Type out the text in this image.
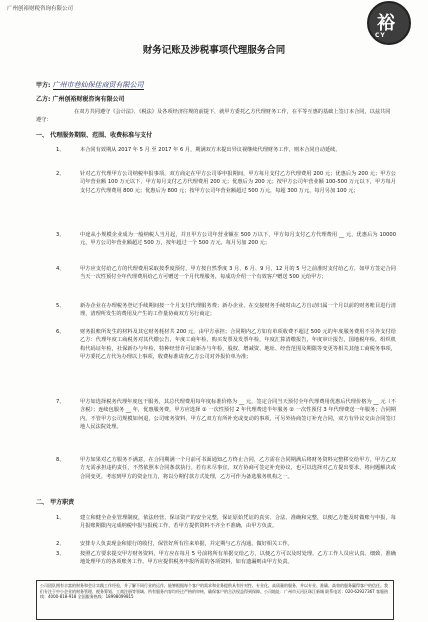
广州创裕财税咨询有限公司
裕
CY
财务记账及涉税事项代理服务合同
甲方: 广州市巷仙保佳商贸有限公司
乙方: 广州创裕财税咨询有限公司
在双方共同遵守《会计法》、《税法》及各项经济往规的前提下，就甲方委托乙方代理财务工作，在平等互惠的基础上签订本合同，以兹共同遵守：
一、 代理服务期限、范围、收费标准与支付
1、	本合同有效期从 2017 年 5 月 至 2017 年 6 月，期满双方未提出异议视继续代理财务工作，则本合同自动延续。
2、	针对乙方代理甲方公司纳税申报事项，双方商定在甲方公司零申报期间，甲方每月支付乙方代理费用 200 元；优惠后为 200 元；甲方公司年营业额 100 万元以下，甲方每月支付乙方代理费用 200 元；优惠后为 200 元；按甲方公司年营业额 100-500 万元以下，甲方每月支付乙方代理费用 800 元；优惠后为 800 元；按甲方公司年营业额超过 500 万元，每超 300 万元，每月另加 100 元；
3、	中途从小规模企业成为一般纳税人当月起，并且甲方公司年营业额在 500 万以下，甲方每月支付乙方代理费用 __ 元，优惠后为 10000 元，甲方公司年营业额超过 500 万，按年超过一个 500 万元，每月另加 200 元；
4、	甲方应支付给乙方的代理费用采取按季度预付，甲方按自然季度 3 月、6 月、9 月、12 月的 5 号之前准时支付给乙方，如甲方签定合同当天一次性预付全年代理费用给乙方可赠送一个月代理服务，每成功介绍一个有效客户赠送 500 元给甲方；
5、	新办企业在办理税务登记手续期间按一个月支付代理服务费；新办企业，在交接财务手续时由乙方自动归属一个月以前的财务账目进行清理，清理所发生的费用及产生的工作量协商双方另行商定；
6、	财务报账所发生的材料及其它财务耗材共 200 元，由甲方承担；合同期内乙方如有单项收费不超过 500 元的年度服务费用不另外支付给乙方：代理年度工商税务对其代缴公告，年度工商年检，购买发票及发票年检，年度汇算清缴报告，年度审计报告，国地税年检，组织机构代码证年检，社保新办与年检，特种经营许可证新办与年检，股权、增减资、地址、经营范围及期限等变更等相关其他工商税务事项，甲方委托乙方代为办理以上事项，收费标准请查乙方公司对外报价单为准；
7、	甲方如选择税务代理年度包干服务，其总代理费用每年度标准价格为 __ 元，签定合同当天预付全年代理费用优惠后代理价格为 __ 元（不含税）；连续包服务 __ 年，优惠服务费，甲方应选择 ① 一次性预付 2 年代理费送半年服务 ② 一次性预付 3 年代理费送一年服务；合同期内，不管甲方公司规模如何退，公司账务资料，甲方乙双方有所补充或变动的事项，可另外协商签订补充合同，双方有异议交由合同签订地人民法院处理。
8、	甲方如果对乙方服务不满意，在合同期满一个月前可书面通知乙方终止合同，乙方需在合同期满后将财务资料完整移交给甲方，甲方乙双方无需承担违约责任，不然依照本合同条款执行。若有未尽事宜，双方协商可签定补充协议，也可以选择对乙方提出要求，将问题解决或合同变更。考虑到甲方的资金压力，将以分期付款方式处理，乙方可作为备选服务机构之一。
二、 甲方职责
1、	建立和健全企业管理制度，依法经营，保证资产的安全完整，保证原始凭证的真实、合法、准确和完整，以便乙方能及时做账与申报，每月报账期限内完成纳税申报与报税工作，若甲方提供资料不齐全不准确，由甲方负责。
2、	安排专人负责现金和银行的收付，保管好所有往来单据，并定期与乙方沟通，做好相关工作。
3、	按照乙方要求提交甲方财务资料，甲方应在每月 5 号前将所有单据交给乙方，以便乙方可以及时处理，乙方工作人员应认真、细致、准确地处理甲方的各项账务工作。甲方应提供税务申报所需的各项资料，如有遗漏则由甲方负责。
公司团队拥有丰富的财务和会计实践工作经验，并了解不同行业的运作，能够根据每个客户的需求和业务提供具有针对性、专业化、高质量的服务，并以专业、准确、高效的服务赢得客户的信任。我们专注于中小企业的财务管理、税务筹划、工商注册等领域，所有服务内容均经过严格的审核，确保客户的合法权益得到保障。公司地址：广州市天河区珠江新城 联系电话：020-62927367 客服热线：4000-818-918 全国服务热线：18998099815
